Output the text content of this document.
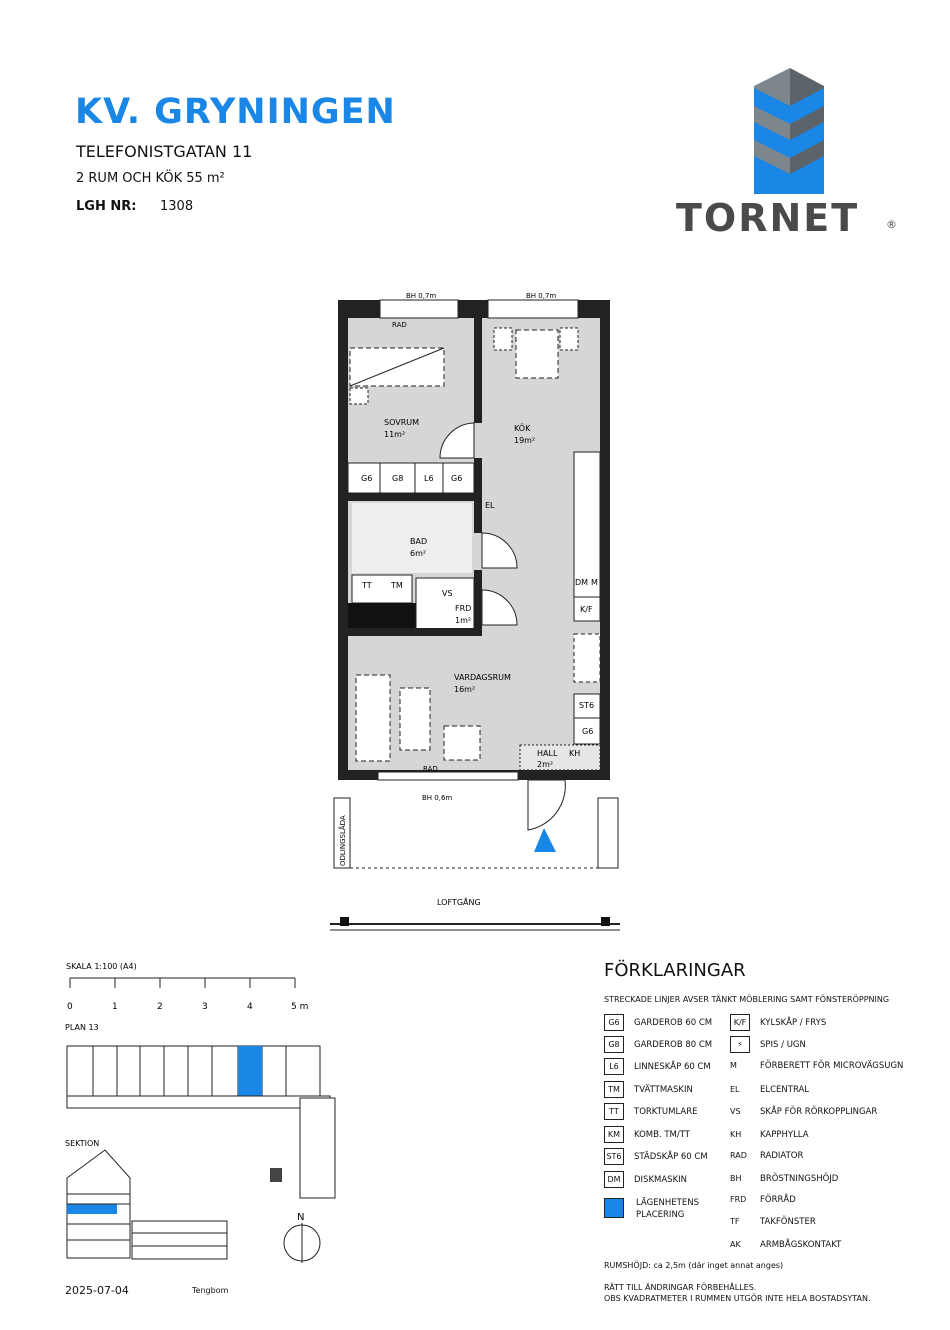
KV. GRYNINGEN
TELEFONISTGATAN 11
2 RUM OCH KÖK 55 m²
LGH NR: 1308	TORNET ®
BH 0,7m	BH 0,7m
RAD
RAD
BH 0,6m
SOVRUM
11m²
KÖK
19m²
BAD
6m²
FRD
1m²
VARDAGSRUM
16m²
HALL
2m²
G6 G8	L6 G6
EL
TT TM
VS
DM M
K/F
ST6
G6
KH
ODLINGSLÅDA
LOFTGÅNG
SKALA 1:100 (A4)
0	1	2	3	4	5 m
PLAN 13
SEKTION
N
FÖRKLARINGAR
STRECKADE LINJER AVSER TÄNKT MÖBLERING SAMT FÖNSTERÖPPNING
G6 GARDEROB 60 CM
G8 GARDEROB 80 CM
L6 LINNESKÅP 60 CM
TM TVÄTTMASKIN
TT TORKTUMLARE
KM KOMB. TM/TT
ST6 STÄDSKÅP 60 CM
DM DISKMASKIN
LÄGENHETENS PLACERING
K/F KYLSKÅP / FRYS
⚡ SPIS / UGN
M	FÖRBERETT FÖR MICROVÄGSUGN
EL ELCENTRAL
VS SKÅP FÖR RÖRKOPPLINGAR
KH KAPPHYLLA
RAD RADIATOR
BH BRÖSTNINGSHÖJD
FRD FÖRRÅD
TF TAKFÖNSTER
AK ARMBÅGSKONTAKT
RUMSHÖJD: ca 2,5m (där inget annat anges)
RÄTT TILL ÄNDRINGAR FÖRBEHÅLLES.
OBS KVADRATMETER I RUMMEN UTGÖR INTE HELA BOSTADSYTAN.
2025-07-04	Tengbom
